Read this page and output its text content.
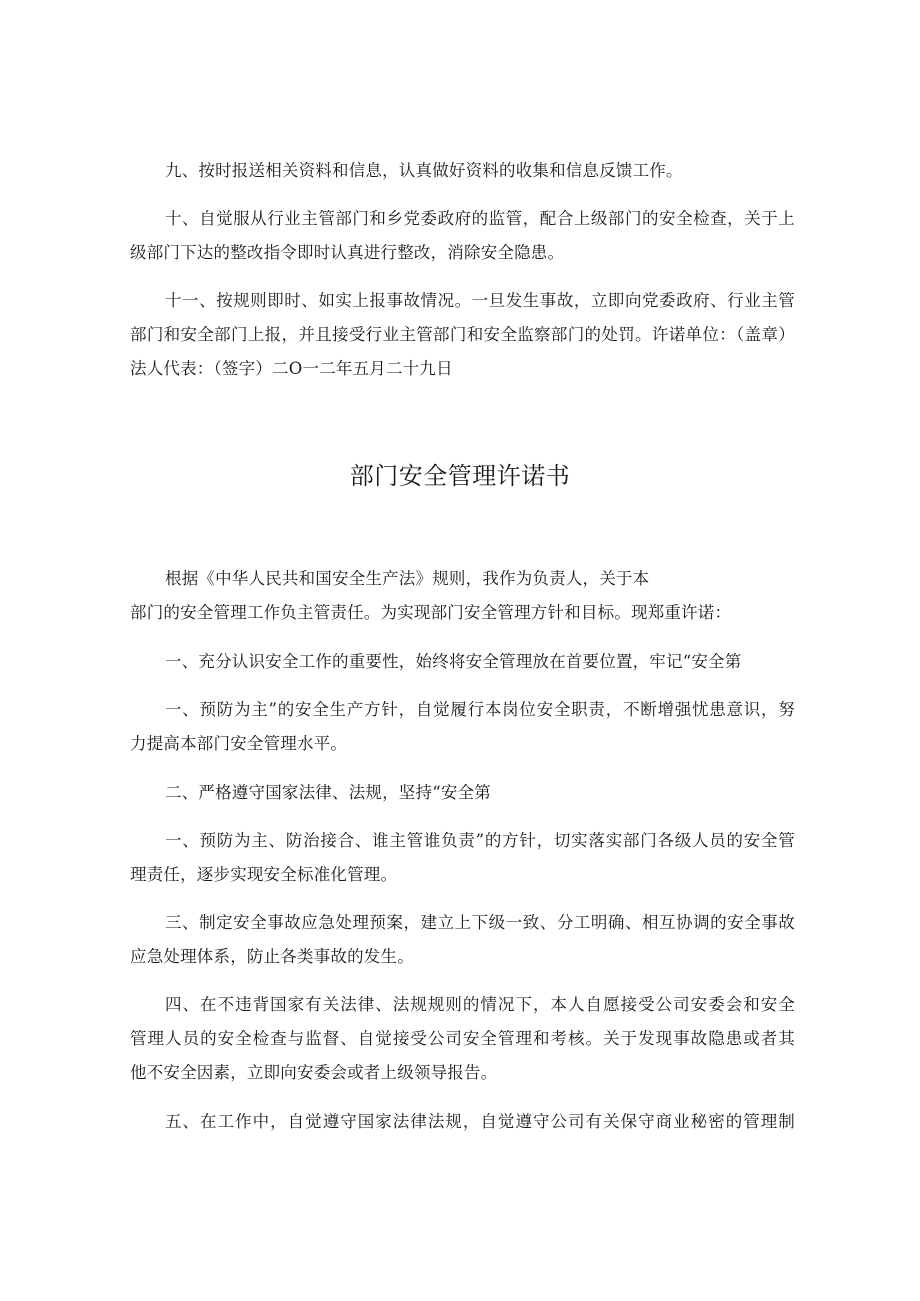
九、按时报送相关资料和信息，认真做好资料的收集和信息反馈工作。
十、自觉服从行业主管部门和乡党委政府的监管，配合上级部门的安全检查，关于上
级部门下达的整改指令即时认真进行整改，消除安全隐患。
十一、按规则即时、如实上报事故情况。一旦发生事故，立即向党委政府、行业主管
部门和安全部门上报，并且接受行业主管部门和安全监察部门的处罚。许诺单位：（盖章）
法人代表：（签字）二O一二年五月二十九日
部门安全管理许诺书
根据《中华人民共和国安全生产法》规则，我作为负责人，关于本
部门的安全管理工作负主管责任。为实现部门安全管理方针和目标。现郑重许诺：
一、充分认识安全工作的重要性，始终将安全管理放在首要位置，牢记“安全第
一、预防为主”的安全生产方针，自觉履行本岗位安全职责，不断增强忧患意识，努
力提高本部门安全管理水平。
二、严格遵守国家法律、法规，坚持“安全第
一、预防为主、防治接合、谁主管谁负责”的方针，切实落实部门各级人员的安全管
理责任，逐步实现安全标准化管理。
三、制定安全事故应急处理预案，建立上下级一致、分工明确、相互协调的安全事故
应急处理体系，防止各类事故的发生。
四、在不违背国家有关法律、法规规则的情况下，本人自愿接受公司安委会和安全
管理人员的安全检查与监督、自觉接受公司安全管理和考核。关于发现事故隐患或者其
他不安全因素，立即向安委会或者上级领导报告。
五、在工作中，自觉遵守国家法律法规，自觉遵守公司有关保守商业秘密的管理制
